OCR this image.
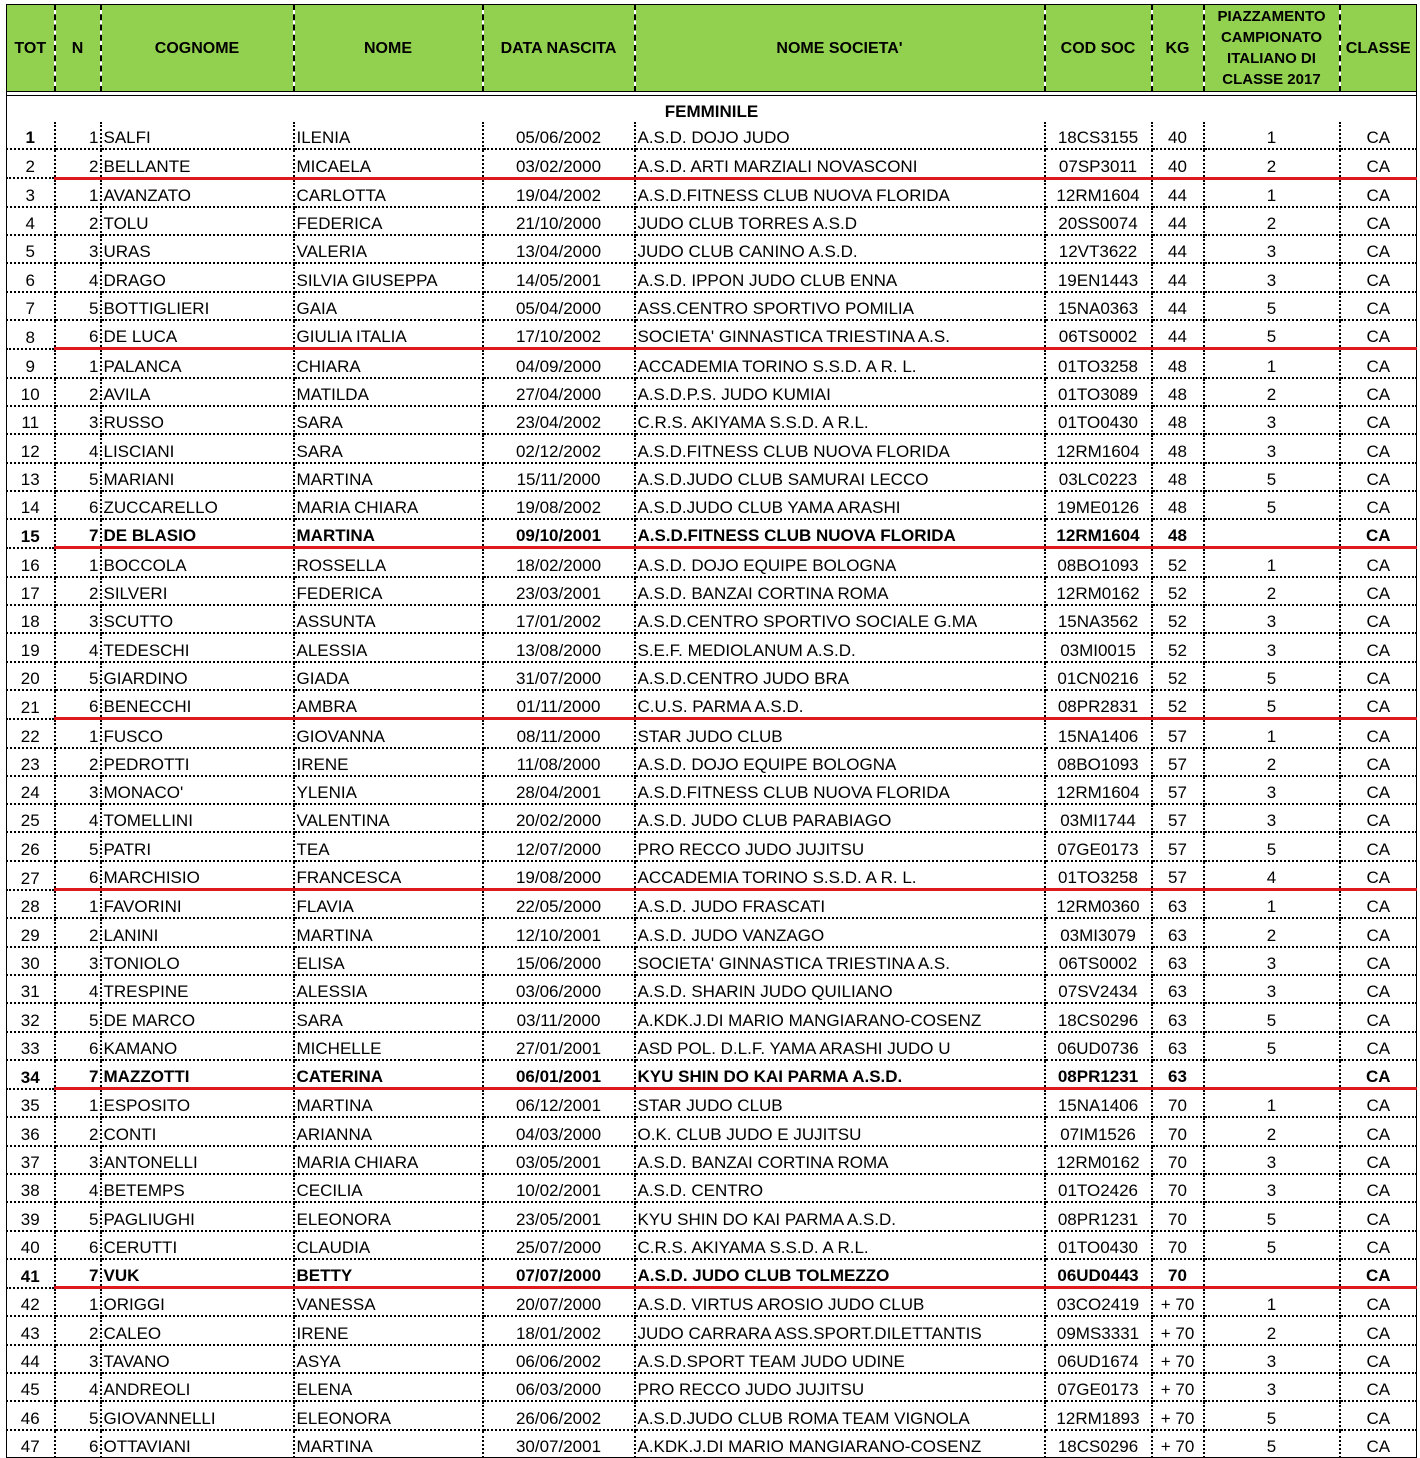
TOT	N	COGNOME	NOME	DATA NASCITA	NOME SOCIETA'	COD SOC	KG	PIAZZAMENTO CAMPIONATO ITALIANO DI CLASSE 2017	CLASSE

FEMMINILE									
1	1	SALFI	ILENIA	05/06/2002	A.S.D. DOJO JUDO	18CS3155	40	1	CA
2	2	BELLANTE	MICAELA	03/02/2000	A.S.D. ARTI MARZIALI NOVASCONI	07SP3011	40	2	CA
3	1	AVANZATO	CARLOTTA	19/04/2002	A.S.D.FITNESS CLUB NUOVA FLORIDA	12RM1604	44	1	CA
4	2	TOLU	FEDERICA	21/10/2000	JUDO CLUB TORRES A.S.D	20SS0074	44	2	CA
5	3	URAS	VALERIA	13/04/2000	JUDO CLUB CANINO A.S.D.	12VT3622	44	3	CA
6	4	DRAGO	SILVIA GIUSEPPA	14/05/2001	A.S.D. IPPON JUDO CLUB ENNA	19EN1443	44	3	CA
7	5	BOTTIGLIERI	GAIA	05/04/2000	ASS.CENTRO SPORTIVO POMILIA	15NA0363	44	5	CA
8	6	DE LUCA	GIULIA ITALIA	17/10/2002	SOCIETA' GINNASTICA TRIESTINA A.S.	06TS0002	44	5	CA
9	1	PALANCA	CHIARA	04/09/2000	ACCADEMIA TORINO S.S.D. A R. L.	01TO3258	48	1	CA
10	2	AVILA	MATILDA	27/04/2000	A.S.D.P.S. JUDO KUMIAI	01TO3089	48	2	CA
11	3	RUSSO	SARA	23/04/2002	C.R.S. AKIYAMA S.S.D. A R.L.	01TO0430	48	3	CA
12	4	LISCIANI	SARA	02/12/2002	A.S.D.FITNESS CLUB NUOVA FLORIDA	12RM1604	48	3	CA
13	5	MARIANI	MARTINA	15/11/2000	A.S.D.JUDO CLUB SAMURAI LECCO	03LC0223	48	5	CA
14	6	ZUCCARELLO	MARIA CHIARA	19/08/2002	A.S.D.JUDO CLUB YAMA ARASHI	19ME0126	48	5	CA
15	7	DE BLASIO	MARTINA	09/10/2001	A.S.D.FITNESS CLUB NUOVA FLORIDA	12RM1604	48		CA
16	1	BOCCOLA	ROSSELLA	18/02/2000	A.S.D. DOJO EQUIPE BOLOGNA	08BO1093	52	1	CA
17	2	SILVERI	FEDERICA	23/03/2001	A.S.D. BANZAI CORTINA ROMA	12RM0162	52	2	CA
18	3	SCUTTO	ASSUNTA	17/01/2002	A.S.D.CENTRO SPORTIVO SOCIALE G.MA	15NA3562	52	3	CA
19	4	TEDESCHI	ALESSIA	13/08/2000	S.E.F. MEDIOLANUM A.S.D.	03MI0015	52	3	CA
20	5	GIARDINO	GIADA	31/07/2000	A.S.D.CENTRO JUDO BRA	01CN0216	52	5	CA
21	6	BENECCHI	AMBRA	01/11/2000	C.U.S. PARMA A.S.D.	08PR2831	52	5	CA
22	1	FUSCO	GIOVANNA	08/11/2000	STAR JUDO CLUB	15NA1406	57	1	CA
23	2	PEDROTTI	IRENE	11/08/2000	A.S.D. DOJO EQUIPE BOLOGNA	08BO1093	57	2	CA
24	3	MONACO'	YLENIA	28/04/2001	A.S.D.FITNESS CLUB NUOVA FLORIDA	12RM1604	57	3	CA
25	4	TOMELLINI	VALENTINA	20/02/2000	A.S.D. JUDO CLUB PARABIAGO	03MI1744	57	3	CA
26	5	PATRI	TEA	12/07/2000	PRO RECCO JUDO JUJITSU	07GE0173	57	5	CA
27	6	MARCHISIO	FRANCESCA	19/08/2000	ACCADEMIA TORINO S.S.D. A R. L.	01TO3258	57	4	CA
28	1	FAVORINI	FLAVIA	22/05/2000	A.S.D. JUDO FRASCATI	12RM0360	63	1	CA
29	2	LANINI	MARTINA	12/10/2001	A.S.D. JUDO VANZAGO	03MI3079	63	2	CA
30	3	TONIOLO	ELISA	15/06/2000	SOCIETA' GINNASTICA TRIESTINA A.S.	06TS0002	63	3	CA
31	4	TRESPINE	ALESSIA	03/06/2000	A.S.D. SHARIN JUDO QUILIANO	07SV2434	63	3	CA
32	5	DE MARCO	SARA	03/11/2000	A.KDK.J.DI MARIO MANGIARANO-COSENZ	18CS0296	63	5	CA
33	6	KAMANO	MICHELLE	27/01/2001	ASD POL. D.L.F. YAMA ARASHI JUDO U	06UD0736	63	5	CA
34	7	MAZZOTTI	CATERINA	06/01/2001	KYU SHIN DO KAI PARMA A.S.D.	08PR1231	63		CA
35	1	ESPOSITO	MARTINA	06/12/2001	STAR JUDO CLUB	15NA1406	70	1	CA
36	2	CONTI	ARIANNA	04/03/2000	O.K. CLUB JUDO E JUJITSU	07IM1526	70	2	CA
37	3	ANTONELLI	MARIA CHIARA	03/05/2001	A.S.D. BANZAI CORTINA ROMA	12RM0162	70	3	CA
38	4	BETEMPS	CECILIA	10/02/2001	A.S.D. CENTRO	01TO2426	70	3	CA
39	5	PAGLIUGHI	ELEONORA	23/05/2001	KYU SHIN DO KAI PARMA A.S.D.	08PR1231	70	5	CA
40	6	CERUTTI	CLAUDIA	25/07/2000	C.R.S. AKIYAMA S.S.D. A R.L.	01TO0430	70	5	CA
41	7	VUK	BETTY	07/07/2000	A.S.D. JUDO CLUB TOLMEZZO	06UD0443	70		CA
42	1	ORIGGI	VANESSA	20/07/2000	A.S.D. VIRTUS AROSIO JUDO CLUB	03CO2419	+ 70	1	CA
43	2	CALEO	IRENE	18/01/2002	JUDO CARRARA ASS.SPORT.DILETTANTIS	09MS3331	+ 70	2	CA
44	3	TAVANO	ASYA	06/06/2002	A.S.D.SPORT TEAM JUDO UDINE	06UD1674	+ 70	3	CA
45	4	ANDREOLI	ELENA	06/03/2000	PRO RECCO JUDO JUJITSU	07GE0173	+ 70	3	CA
46	5	GIOVANNELLI	ELEONORA	26/06/2002	A.S.D.JUDO CLUB ROMA TEAM VIGNOLA	12RM1893	+ 70	5	CA
47	6	OTTAVIANI	MARTINA	30/07/2001	A.KDK.J.DI MARIO MANGIARANO-COSENZ	18CS0296	+ 70	5	CA
